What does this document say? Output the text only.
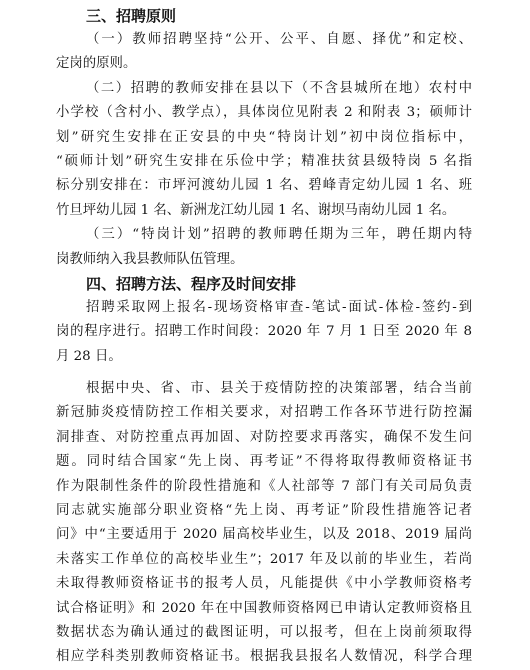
三、招聘原则
（一）教师招聘坚持“公开、公平、自愿、择优”和定校、
定岗的原则。
（二）招聘的教师安排在县以下（不含县城所在地）农村中
小学校（含村小、教学点），具体岗位见附表 2 和附表 3；硕师计
划”研究生安排在正安县的中央“特岗计划”初中岗位指标中，
“硕师计划”研究生安排在乐俭中学；精准扶贫县级特岗 5 名指
标分别安排在：市坪河渡幼儿园 1 名、碧峰青定幼儿园 1 名、班
竹旦坪幼儿园 1 名、新洲龙江幼儿园 1 名、谢坝马南幼儿园 1 名。
（三）“特岗计划”招聘的教师聘任期为三年，聘任期内特
岗教师纳入我县教师队伍管理。
四、招聘方法、程序及时间安排
招聘采取网上报名-现场资格审查-笔试-面试-体检-签约-到
岗的程序进行。招聘工作时间段：2020 年 7 月 1 日至 2020 年 8
月 28 日。
根据中央、省、市、县关于疫情防控的决策部署，结合当前
新冠肺炎疫情防控工作相关要求，对招聘工作各环节进行防控漏
洞排查、对防控重点再加固、对防控要求再落实，确保不发生问
题。同时结合国家“先上岗、再考证”不得将取得教师资格证书
作为限制性条件的阶段性措施和《人社部等 7 部门有关司局负责
同志就实施部分职业资格“先上岗、再考证”阶段性措施答记者
问》中“主要适用于 2020 届高校毕业生，以及 2018、2019 届尚
未落实工作单位的高校毕业生”；2017 年及以前的毕业生，若尚
未取得教师资格证书的报考人员，凡能提供《中小学教师资格考
试合格证明》和 2020 年在中国教师资格网已申请认定教师资格且
数据状态为确认通过的截图证明，可以报考，但在上岗前须取得
相应学科类别教师资格证书。根据我县报名人数情况，科学合理
